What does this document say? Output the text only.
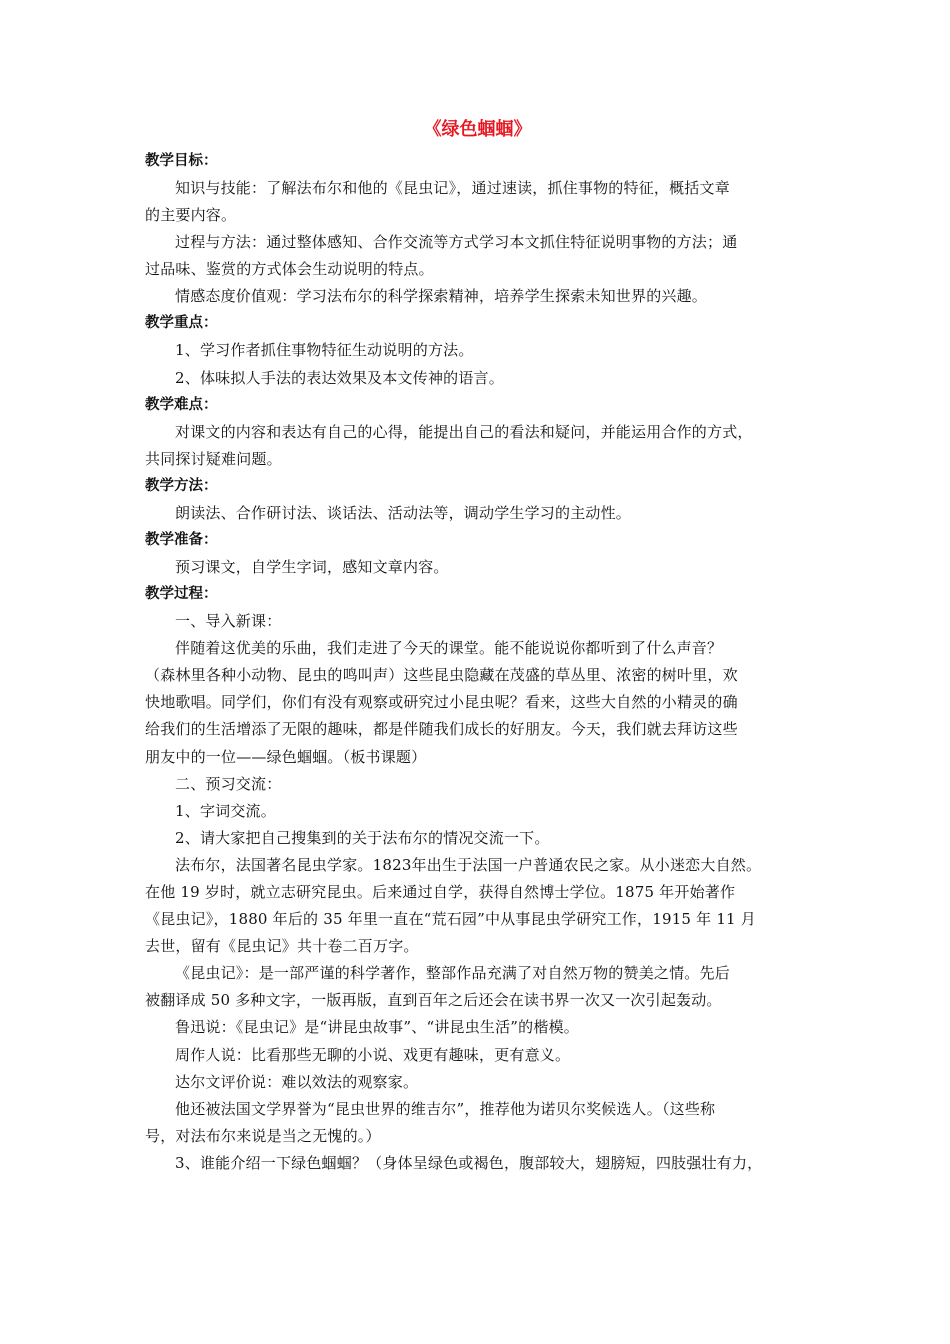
《绿色蝈蝈》
教学目标：

知识与技能：了解法布尔和他的《昆虫记》，通过速读，抓住事物的特征，概括文章
的主要内容。

过程与方法：通过整体感知、合作交流等方式学习本文抓住特征说明事物的方法；通
过品味、鉴赏的方式体会生动说明的特点。

情感态度价值观：学习法布尔的科学探索精神，培养学生探索未知世界的兴趣。

教学重点：

1、学习作者抓住事物特征生动说明的方法。

2、体味拟人手法的表达效果及本文传神的语言。

教学难点：

对课文的内容和表达有自己的心得，能提出自己的看法和疑问，并能运用合作的方式，
共同探讨疑难问题。

教学方法：

朗读法、合作研讨法、谈话法、活动法等，调动学生学习的主动性。

教学准备：

预习课文，自学生字词，感知文章内容。

教学过程：

一、导入新课：

伴随着这优美的乐曲，我们走进了今天的课堂。能不能说说你都听到了什么声音？
（森林里各种小动物、昆虫的鸣叫声）这些昆虫隐藏在茂盛的草丛里、浓密的树叶里，欢
快地歌唱。同学们，你们有没有观察或研究过小昆虫呢？看来，这些大自然的小精灵的确
给我们的生活增添了无限的趣味，都是伴随我们成长的好朋友。今天，我们就去拜访这些
朋友中的一位——绿色蝈蝈。（板书课题）

二、预习交流：

1、字词交流。

2、请大家把自己搜集到的关于法布尔的情况交流一下。

法布尔，法国著名昆虫学家。1823年出生于法国一户普通农民之家。从小迷恋大自然。
在他 19 岁时，就立志研究昆虫。后来通过自学，获得自然博士学位。1875 年开始著作
《昆虫记》，1880 年后的 35 年里一直在“荒石园”中从事昆虫学研究工作，1915 年 11 月
去世，留有《昆虫记》共十卷二百万字。

《昆虫记》：是一部严谨的科学著作，整部作品充满了对自然万物的赞美之情。先后
被翻译成 50 多种文字，一版再版，直到百年之后还会在读书界一次又一次引起轰动。

鲁迅说：《昆虫记》是“讲昆虫故事”、“讲昆虫生活”的楷模。

周作人说：比看那些无聊的小说、戏更有趣味，更有意义。

达尔文评价说：难以效法的观察家。

他还被法国文学界誉为“昆虫世界的维吉尔”，推荐他为诺贝尔奖候选人。（这些称
号，对法布尔来说是当之无愧的。）

3、谁能介绍一下绿色蝈蝈？（身体呈绿色或褐色，腹部较大，翅膀短，四肢强壮有力，
